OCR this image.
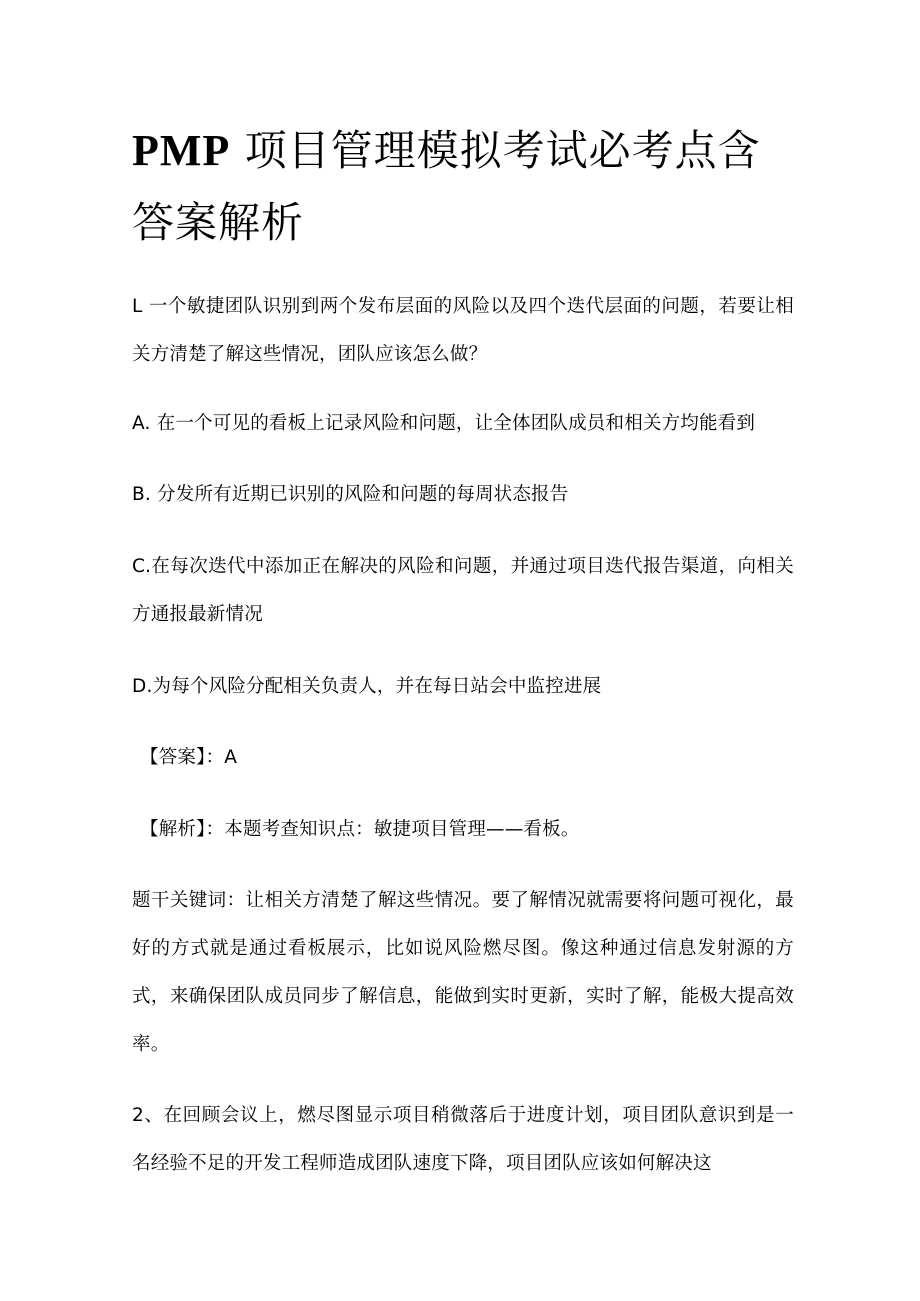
PMP 项目管理模拟考试必考点含答案解析

L 一个敏捷团队识别到两个发布层面的风险以及四个迭代层面的问题，若要让相关方清楚了解这些情况，团队应该怎么做？

A. 在一个可见的看板上记录风险和问题，让全体团队成员和相关方均能看到

B. 分发所有近期已识别的风险和问题的每周状态报告

C.在每次迭代中添加正在解决的风险和问题，并通过项目迭代报告渠道，向相关方通报最新情况

D.为每个风险分配相关负责人，并在每日站会中监控进展

【答案】：A

【解析】：本题考查知识点：敏捷项目管理——看板。

题干关键词：让相关方清楚了解这些情况。要了解情况就需要将问题可视化，最好的方式就是通过看板展示，比如说风险燃尽图。像这种通过信息发射源的方式，来确保团队成员同步了解信息，能做到实时更新，实时了解，能极大提高效率。

2、在回顾会议上，燃尽图显示项目稍微落后于进度计划，项目团队意识到是一名经验不足的开发工程师造成团队速度下降，项目团队应该如何解决这
